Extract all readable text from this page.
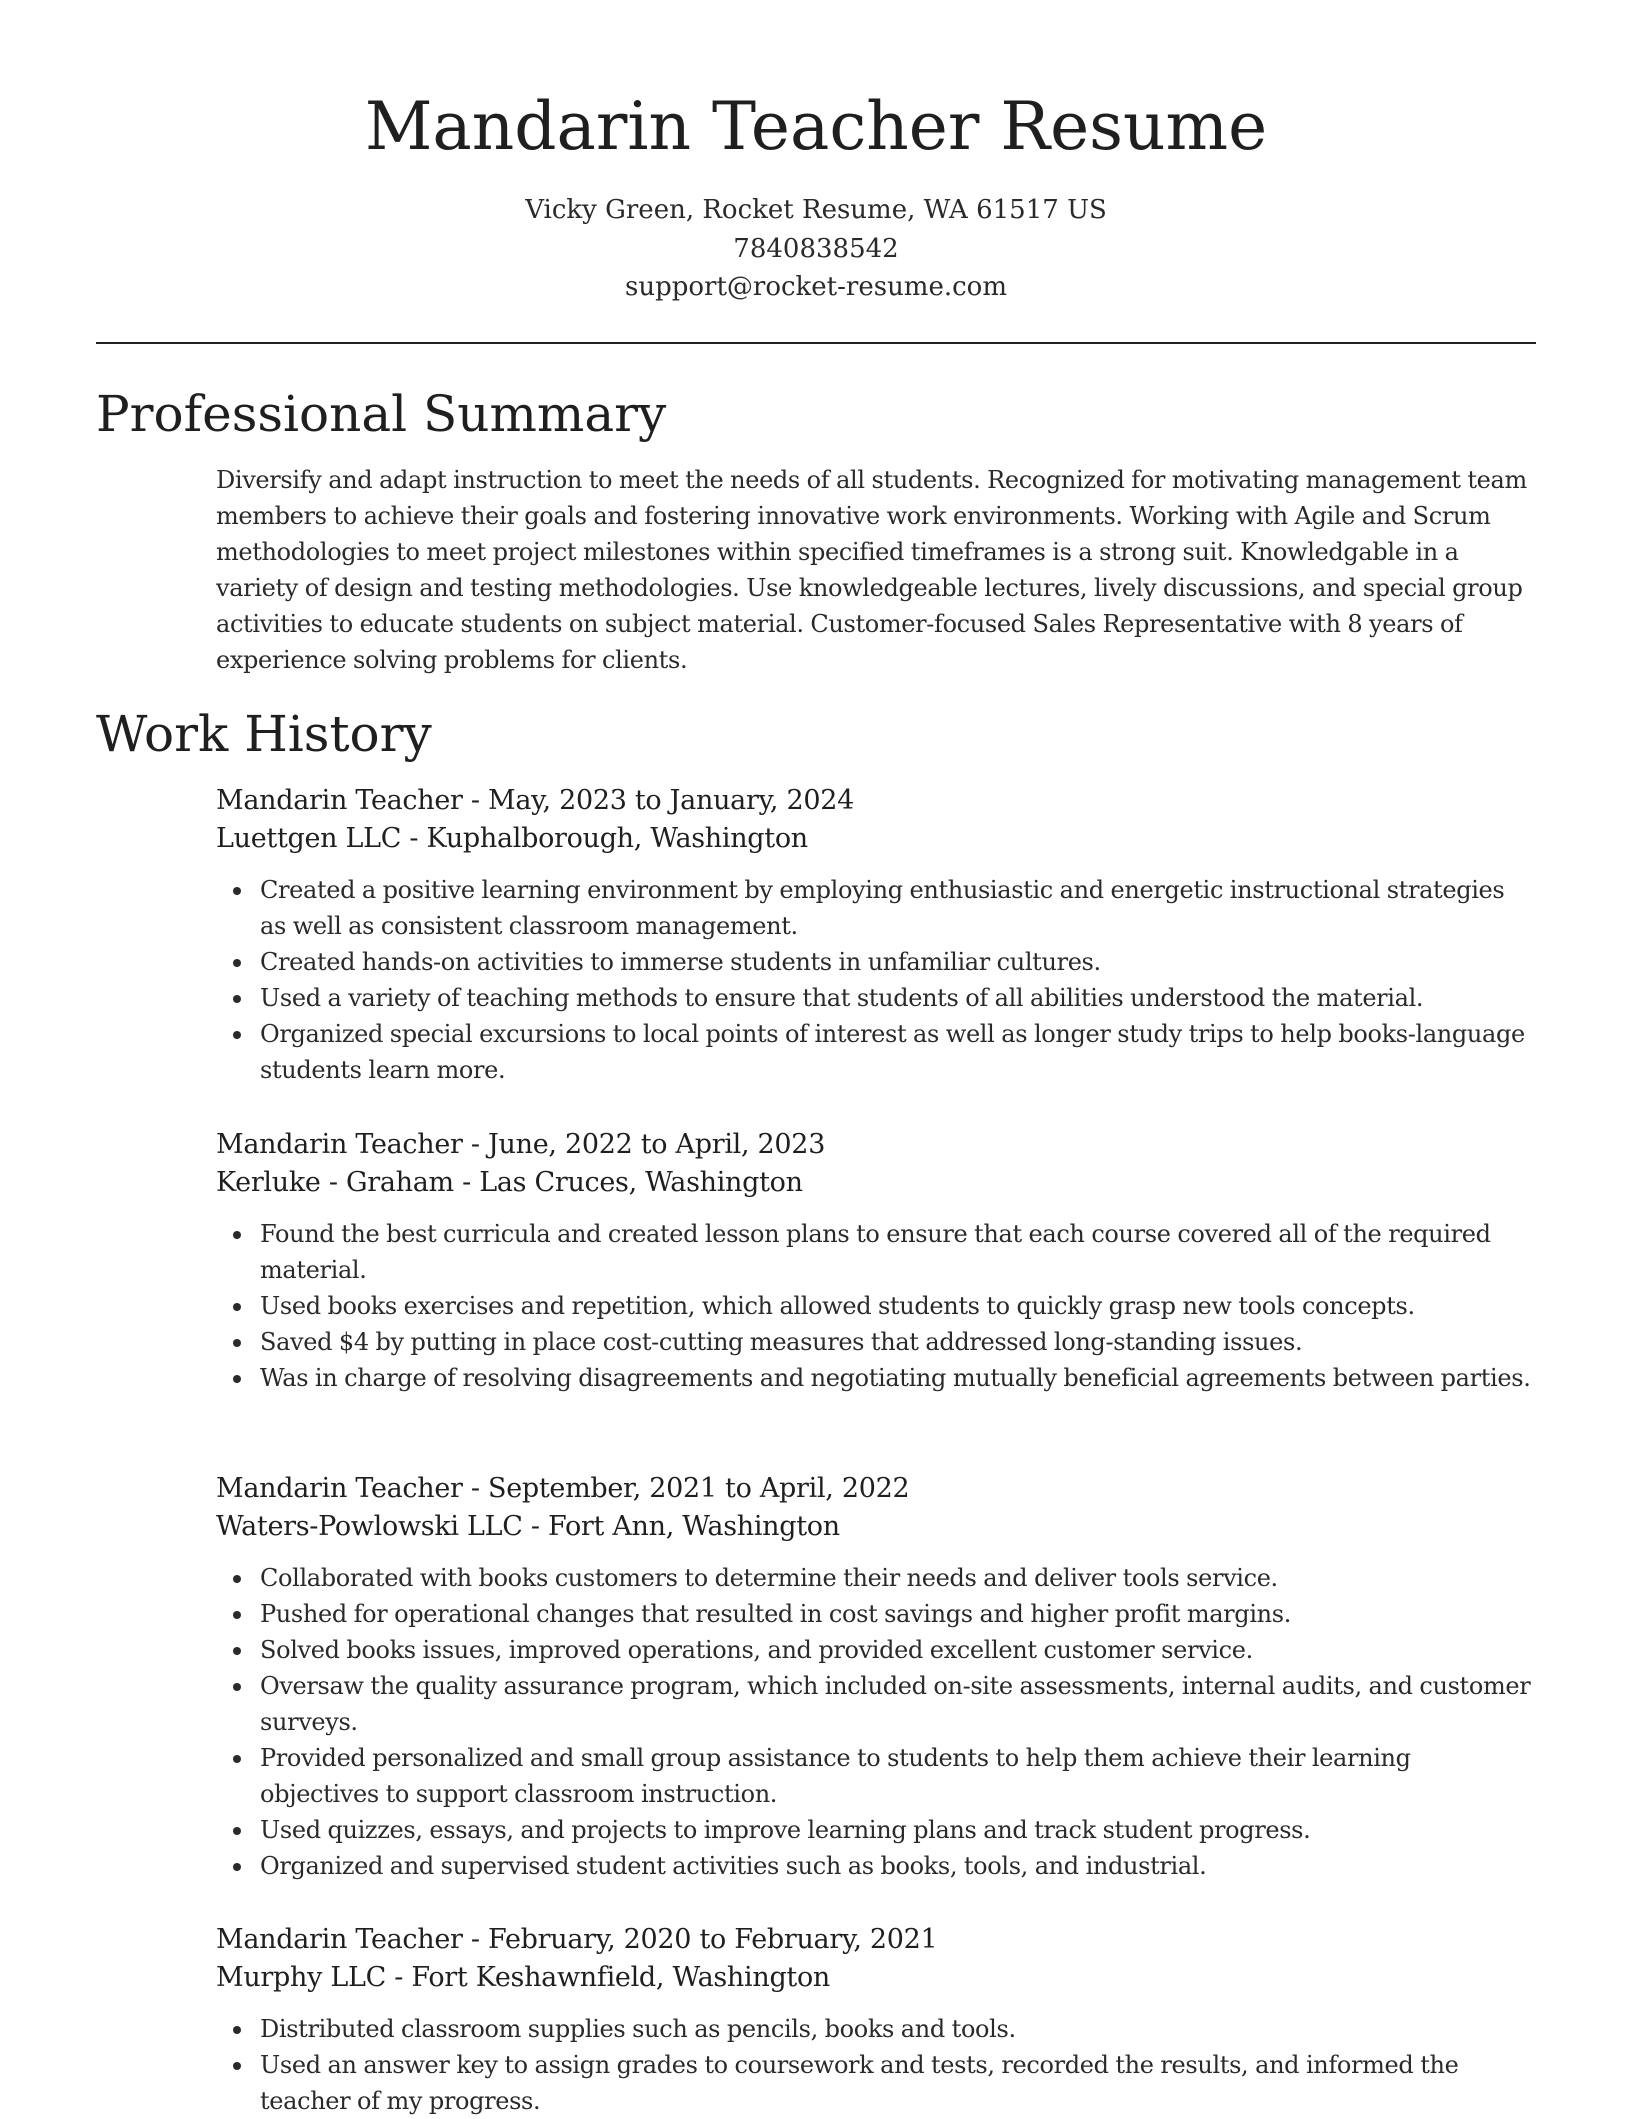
Mandarin Teacher Resume

Vicky Green, Rocket Resume, WA 61517 US

7840838542

support@rocket-resume.com

Professional Summary

Diversify and adapt instruction to meet the needs of all students. Recognized for motivating management team members to achieve their goals and fostering innovative work environments. Working with Agile and Scrum methodologies to meet project milestones within specified timeframes is a strong suit. Knowledgable in a variety of design and testing methodologies. Use knowledgeable lectures, lively discussions, and special group activities to educate students on subject material. Customer-focused Sales Representative with 8 years of experience solving problems for clients.

Work History

Mandarin Teacher - May, 2023 to January, 2024

Luettgen LLC - Kuphalborough, Washington

Created a positive learning environment by employing enthusiastic and energetic instructional strategies as well as consistent classroom management.
Created hands-on activities to immerse students in unfamiliar cultures.
Used a variety of teaching methods to ensure that students of all abilities understood the material.
Organized special excursions to local points of interest as well as longer study trips to help books-language students learn more.

Mandarin Teacher - June, 2022 to April, 2023

Kerluke - Graham - Las Cruces, Washington

Found the best curricula and created lesson plans to ensure that each course covered all of the required material.
Used books exercises and repetition, which allowed students to quickly grasp new tools concepts.
Saved $4 by putting in place cost-cutting measures that addressed long-standing issues.
Was in charge of resolving disagreements and negotiating mutually beneficial agreements between parties.

Mandarin Teacher - September, 2021 to April, 2022

Waters-Powlowski LLC - Fort Ann, Washington

Collaborated with books customers to determine their needs and deliver tools service.
Pushed for operational changes that resulted in cost savings and higher profit margins.
Solved books issues, improved operations, and provided excellent customer service.
Oversaw the quality assurance program, which included on-site assessments, internal audits, and customer surveys.
Provided personalized and small group assistance to students to help them achieve their learning objectives to support classroom instruction.
Used quizzes, essays, and projects to improve learning plans and track student progress.
Organized and supervised student activities such as books, tools, and industrial.

Mandarin Teacher - February, 2020 to February, 2021

Murphy LLC - Fort Keshawnfield, Washington

Distributed classroom supplies such as pencils, books and tools.
Used an answer key to assign grades to coursework and tests, recorded the results, and informed the teacher of my progress.
